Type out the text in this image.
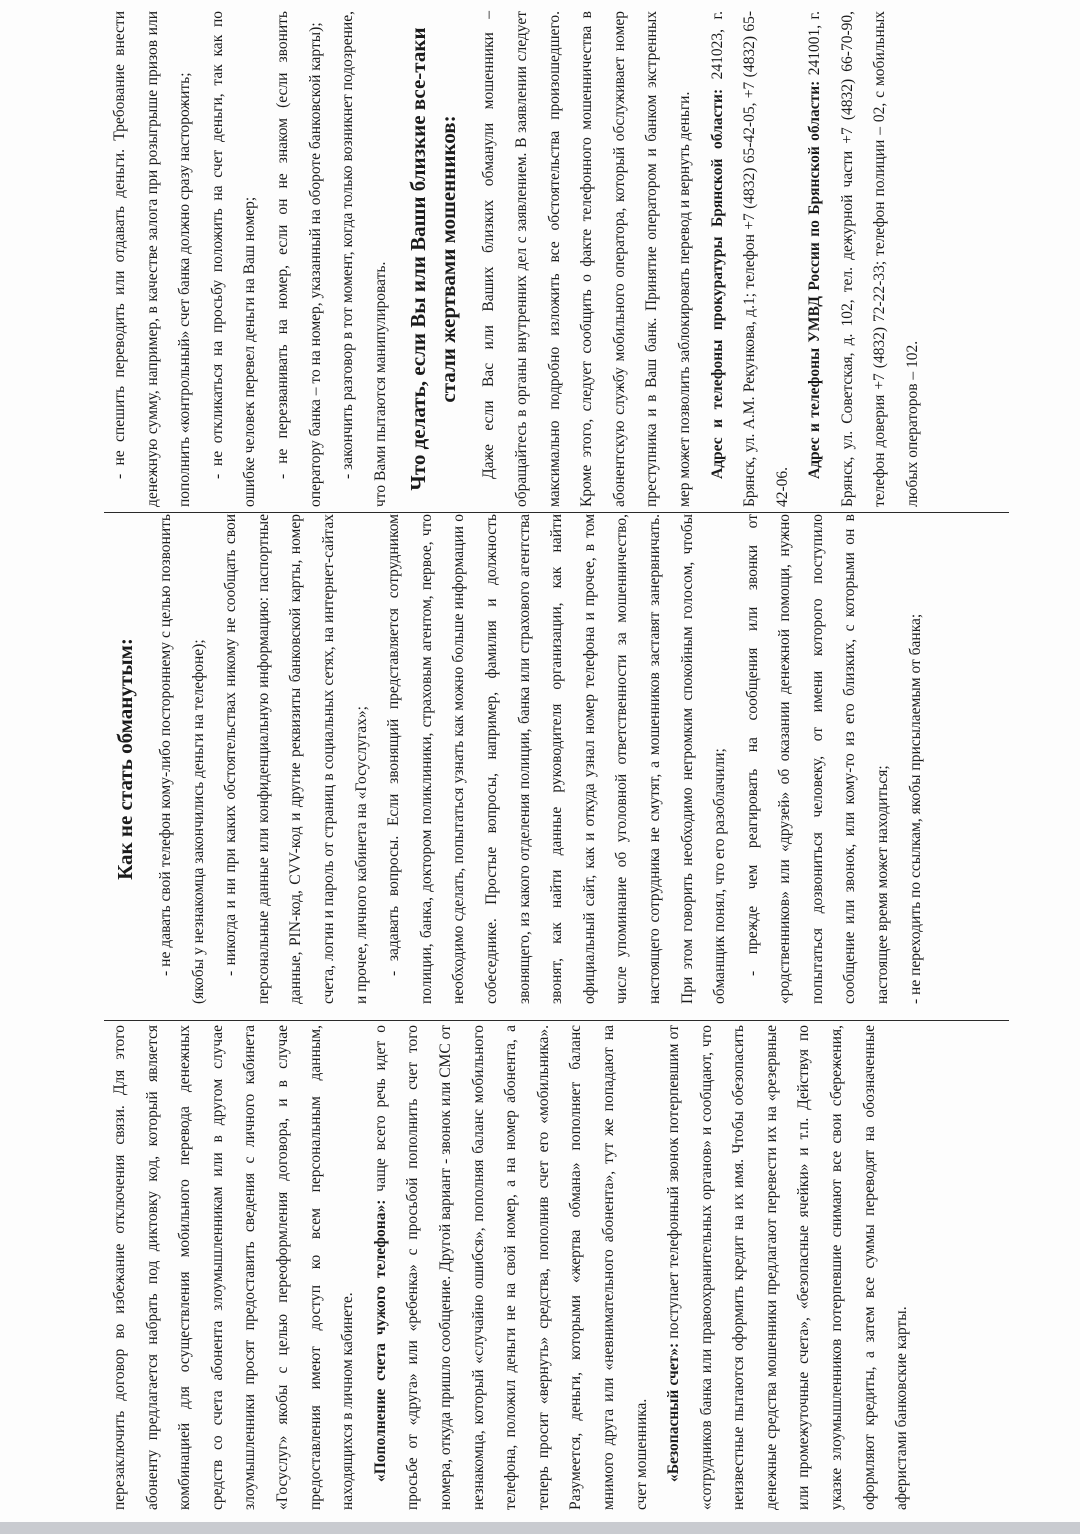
перезаключить договор во избежание отключения связи. Для этого абоненту предлагается набрать под диктовку код, который является комбинацией для осуществления мобильного перевода денежных средств со счета абонента злоумышленникам или в другом случае злоумышленники просят предоставить сведения с личного кабинета «Госуслуг» якобы с целью переоформления договора, и в случае предоставления имеют доступ ко всем персональным данным, находящихся в личном кабинете.	«Пополнение счета чужого телефона»: чаще всего речь идет о просьбе от «друга» или «ребенка» с просьбой пополнить счет того номера, откуда пришло сообщение. Другой вариант - звонок или СМС от незнакомца, который «случайно ошибся», пополняя баланс мобильного телефона, положил деньги не на свой номер, а на номер абонента, а теперь просит «вернуть» средства, пополнив счет его «мобильника». Разумеется, деньги, которыми «жертва обмана» пополняет баланс мнимого друга или «невнимательного абонента», тут же попадают на счет мошенника.	«Безопасный счет»: поступает телефонный звонок потерпевшим от «сотрудников банка или правоохранительных органов» и сообщают, что неизвестные пытаются оформить кредит на их имя. Чтобы обезопасить денежные средства мошенники предлагают перевести их на «резервные или промежуточные счета», «безопасные ячейки» и т.п. Действуя по указке злоумышленников потерпевшие снимают все свои сбережения, оформляют кредиты, а затем все суммы переводят на обозначенные аферистами банковские карты.

Как не стать обманутым:	- не давать свой телефон кому-либо постороннему с целью позвонить (якобы у незнакомца закончились деньги на телефоне);	- никогда и ни при каких обстоятельствах никому не сообщать свои персональные данные или конфиденциальную информацию: паспортные данные, PIN-код, CVV-код и другие реквизиты банковской карты, номер счета, логин и пароль от страниц в социальных сетях, на интернет-сайтах и прочее, личного кабинета на «Госуслугах»;	- задавать вопросы. Если звонящий представляется сотрудником полиции, банка, доктором поликлиники, страховым агентом, первое, что необходимо сделать, попытаться узнать как можно больше информации о собеседнике. Простые вопросы, например, фамилия и должность звонящего, из какого отделения полиции, банка или страхового агентства звонят, как найти данные руководителя организации, как найти официальный сайт, как и откуда узнал номер телефона и прочее, в том числе упоминание об уголовной ответственности за мошенничество, настоящего сотрудника не смутят, а мошенников заставят занервничать. При этом говорить необходимо негромким спокойным голосом, чтобы обманщик понял, что его разоблачили;	- прежде чем реагировать на сообщения или звонки от «родственников» или «друзей» об оказании денежной помощи, нужно попытаться дозвониться человеку, от имени которого поступило сообщение или звонок, или кому-то из его близких, с которыми он в настоящее время может находиться;	- не переходить по ссылкам, якобы присылаемым от банка;

- не спешить переводить или отдавать деньги. Требование внести денежную сумму, например, в качестве залога при розыгрыше призов или пополнить «контрольный» счет банка должно сразу насторожить;	- не откликаться на просьбу положить на счет деньги, так как по ошибке человек перевел деньги на Ваш номер;	- не перезванивать на номер, если он не знаком (если звонить оператору банка – то на номер, указанный на обороте банковской карты);	- закончить разговор в тот момент, когда только возникнет подозрение, что Вами пытаются манипулировать. Что делать, если Вы или Ваши близкие все-таки стали жертвами мошенников:	Даже если Вас или Ваших близких обманули мошенники – обращайтесь в органы внутренних дел с заявлением. В заявлении следует максимально подробно изложить все обстоятельства произошедшего. Кроме этого, следует сообщить о факте телефонного мошенничества в абонентскую службу мобильного оператора, который обслуживает номер преступника и в Ваш банк. Принятие оператором и банком экстренных мер может позволить заблокировать перевод и вернуть деньги.	Адрес и телефоны прокуратуры Брянской области: 241023, г. Брянск, ул. А.М. Рекункова, д.1; телефон +7 (4832) 65-42-05, +7 (4832) 65-42-06.

Адрес и телефоны УМВД России по Брянской области: 241001, г. Брянск, ул. Советская, д. 102, тел. дежурной части +7 (4832) 66-70-90, телефон доверия +7 (4832) 72-22-33; телефон полиции – 02, с мобильных любых операторов – 102.
